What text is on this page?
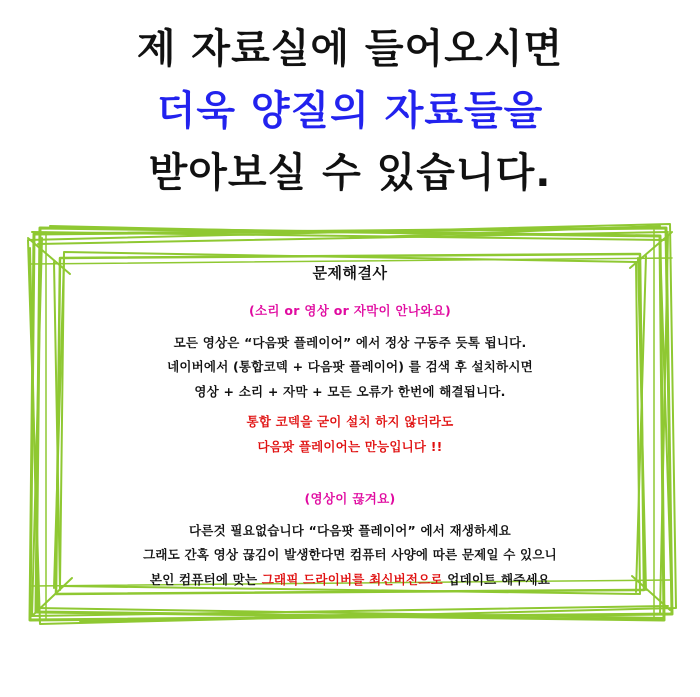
제 자료실에 들어오시면
더욱 양질의 자료들을
받아보실 수 있습니다.
문제해결사
(소리 or 영상 or 자막이 안나와요)
모든 영상은 “다음팟 플레이어” 에서 정상 구동주 듯톡 됩니다.
네이버에서 (통합코덱 + 다음팟 플레이어) 를 검색 후 설치하시면
영상 + 소리 + 자막 + 모든 오류가 한번에 해결됩니다.
통합 코덱을 굳이 설치 하지 않더라도
다음팟 플레이어는 만능입니다 !!
(영상이 끊겨요)
다른것 필요없습니다 “다음팟 플레이어” 에서 재생하세요
그래도 간혹 영상 끊김이 발생한다면 컴퓨터 사양에 따른 문제일 수 있으니
본인 컴퓨터에 맞는 그래픽 드라이버를 최신버전으로 업데이트 해주세요
